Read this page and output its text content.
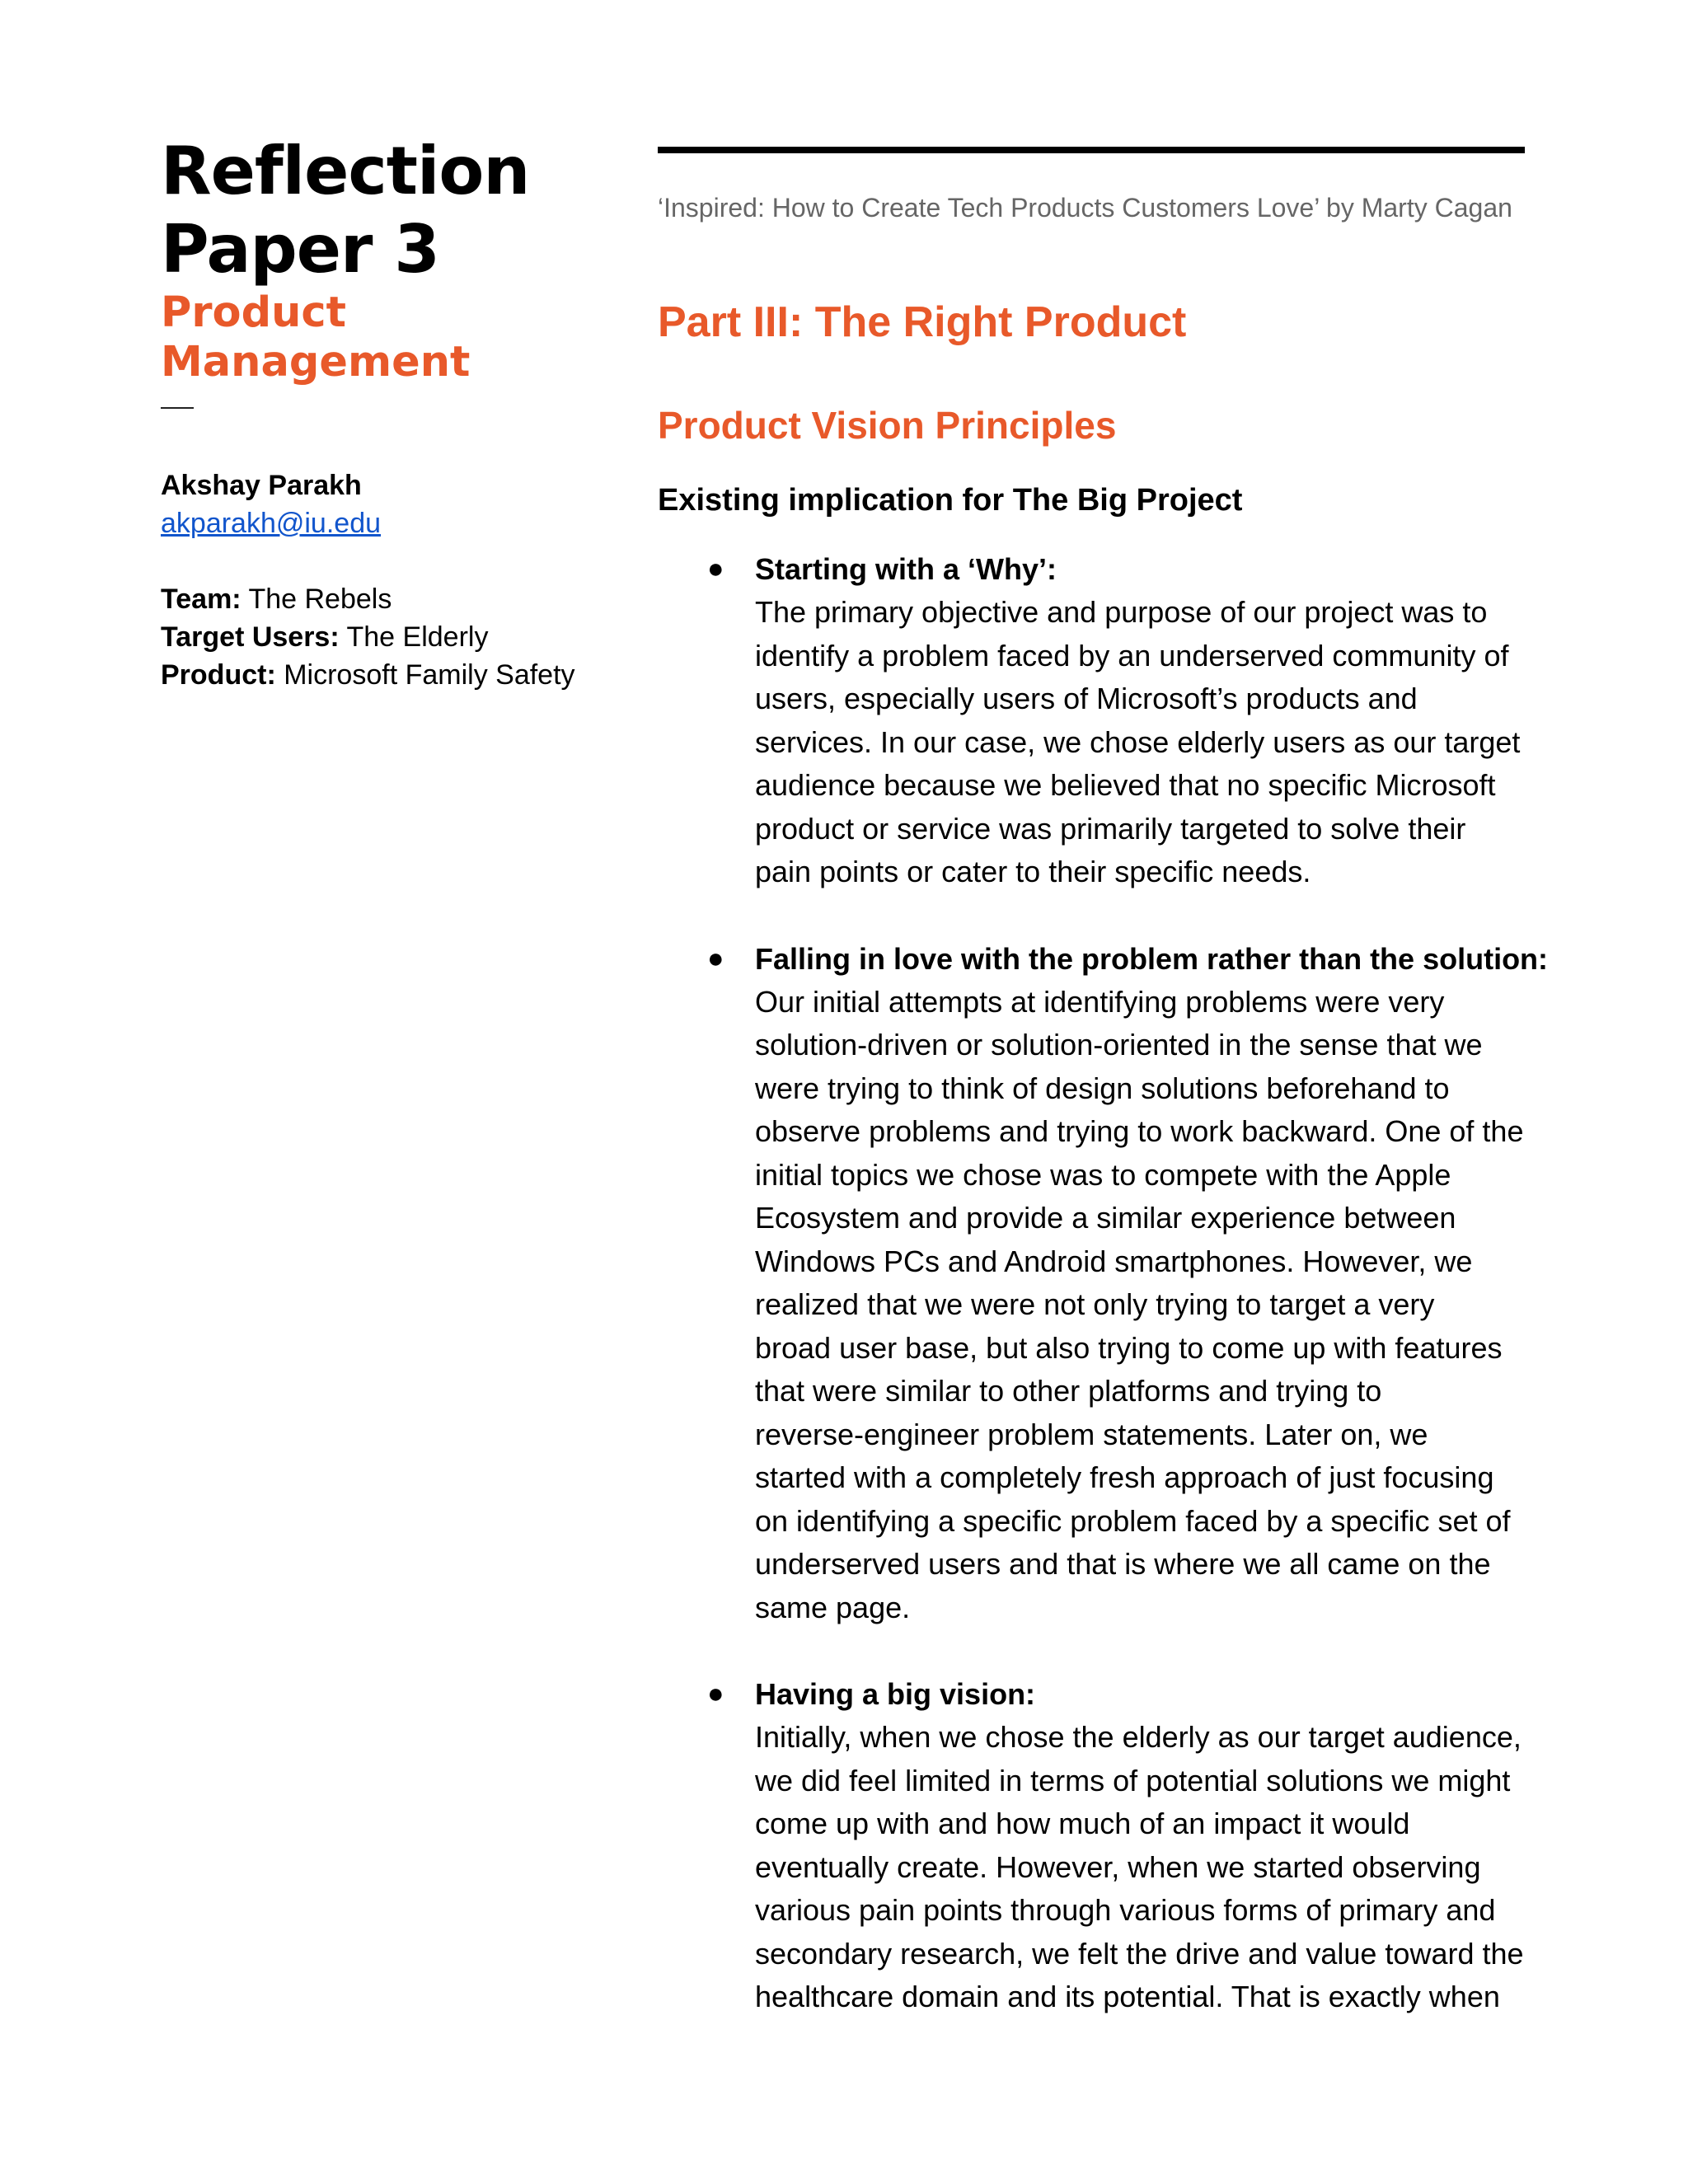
Reflection
Paper 3
Product
Management
Akshay Parakh
akparakh@iu.edu
Team: The Rebels
Target Users: The Elderly
Product: Microsoft Family Safety
‘Inspired: How to Create Tech Products Customers Love’ by Marty Cagan
Part III: The Right Product
Product Vision Principles
Existing implication for The Big Project
● Starting with a ‘Why’:
The primary objective and purpose of our project was to
identify a problem faced by an underserved community of
users, especially users of Microsoft’s products and
services. In our case, we chose elderly users as our target
audience because we believed that no specific Microsoft
product or service was primarily targeted to solve their
pain points or cater to their specific needs.
● Falling in love with the problem rather than the solution:
Our initial attempts at identifying problems were very
solution-driven or solution-oriented in the sense that we
were trying to think of design solutions beforehand to
observe problems and trying to work backward. One of the
initial topics we chose was to compete with the Apple
Ecosystem and provide a similar experience between
Windows PCs and Android smartphones. However, we
realized that we were not only trying to target a very
broad user base, but also trying to come up with features
that were similar to other platforms and trying to
reverse-engineer problem statements. Later on, we
started with a completely fresh approach of just focusing
on identifying a specific problem faced by a specific set of
underserved users and that is where we all came on the
same page.
● Having a big vision:
Initially, when we chose the elderly as our target audience,
we did feel limited in terms of potential solutions we might
come up with and how much of an impact it would
eventually create. However, when we started observing
various pain points through various forms of primary and
secondary research, we felt the drive and value toward the
healthcare domain and its potential. That is exactly when
